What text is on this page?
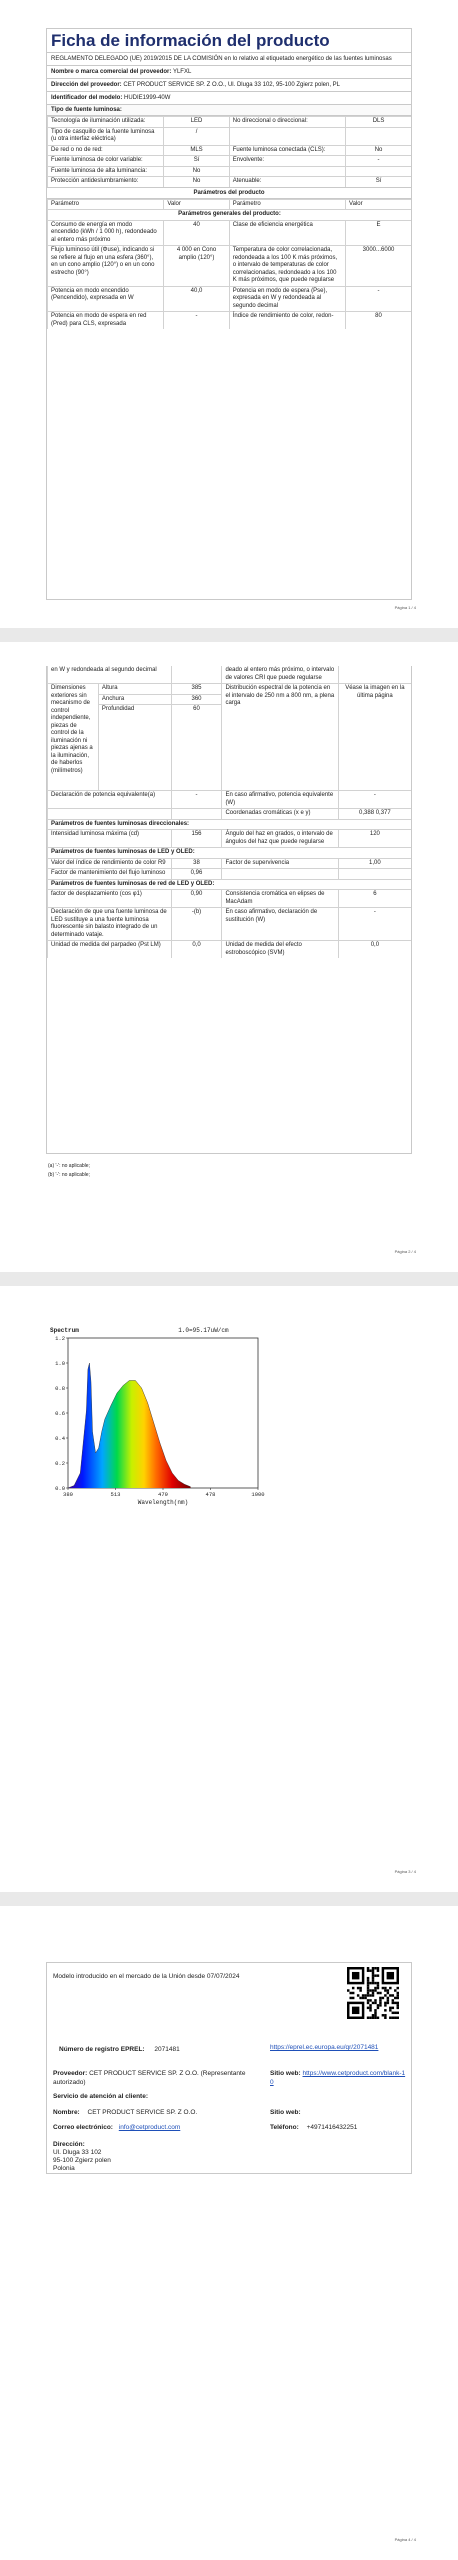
Ficha de información del producto
REGLAMENTO DELEGADO (UE) 2019/2015 DE LA COMISIÓN en lo relativo al etiquetado energético de las fuentes luminosas
Nombre o marca comercial del proveedor: YLFXL
Dirección del proveedor: CET PRODUCT SERVICE SP. Z O.O., Ul. Dluga 33 102, 95-100 Zgierz polen, PL
Identificador del modelo: HUDIE1999-40W
Tipo de fuente luminosa:
Tecnología de iluminación utilizada:	LED	No direccional o direccional:	DLS
Tipo de casquillo de la fuente luminosa (u otra interfaz eléctrica)	/		
De red o no de red:	MLS	Fuente luminosa conectada (CLS):	No
Fuente luminosa de color variable:	Sí	Envolvente:	-
Fuente luminosa de alta luminancia:	No		
Protección antideslumbramiento:	No	Atenuable:	Sí
Parámetros del producto
Parámetro	Valor	Parámetro	Valor
Parámetros generales del producto:			
Consumo de energía en modo encendido (kWh / 1 000 h), redondeado al entero más próximo	40	Clase de eficiencia energética	E
Flujo luminoso útil (Φuse), indicando si se refiere al flujo en una esfera (360°), en un cono amplio (120°) o en un cono estrecho (90°)	4 000 en Cono amplio (120°)	Temperatura de color correlacionada, redondeada a los 100 K más próximos, o intervalo de temperaturas de color correlacionadas, redondeado a los 100 K más próximos, que puede regularse	3000...6000
Potencia en modo encendido (Pencendido), expresada en W	40,0	Potencia en modo de espera (Pse), expresada en W y redondeada al segundo decimal	-
Potencia en modo de espera en red (Pred) para CLS, expresada	-	Índice de rendimiento de color, redon-	80
Página 1 / 4
en W y redondeada al segundo decimal			deado al entero más próximo, o intervalo de valores CRI que puede regularse	
Dimensiones exteriores sin mecanismo de control independiente, piezas de control de la iluminación ni piezas ajenas a la iluminación, de haberlos (milímetros)	Altura	385	Distribución espectral de la potencia en el intervalo de 250 nm a 800 nm, a plena carga	Véase la imagen en la última página
	Anchura	360		
	Profundidad	60		
Declaración de potencia equivalente(a)		-	En caso afirmativo, potencia equivalente (W)	-
			Coordenadas cromáticas (x e y)	0,388 0,377
Parámetros de fuentes luminosas direccionales:				
Intensidad luminosa máxima (cd)		156	Ángulo del haz en grados, o intervalo de ángulos del haz que puede regularse	120
Parámetros de fuentes luminosas de LED y OLED:				
Valor del índice de rendimiento de color R9		38	Factor de supervivencia	1,00
Factor de mantenimiento del flujo luminoso		0,96		
Parámetros de fuentes luminosas de red de LED y OLED:				
factor de desplazamiento (cos φ1)		0,90	Consistencia cromática en elipses de MacAdam	6
Declaración de que una fuente luminosa de LED sustituye a una fuente luminosa fluorescente sin balasto integrado de un determinado vataje.		-(b)	En caso afirmativo, declaración de sustitución (W)	-
Unidad de medida del parpadeo (Pst LM)		0,0	Unidad de medida del efecto estroboscópico (SVM)	0,0
(a) '-': no aplicable;
(b) '-': no aplicable;
Página 2 / 4
0.0
0.2
0.4
0.6
0.8
1.0
1.2
380	513	479	478	1000
Spectrum	1.0=95.17uW/cm
Wavelength(nm)
Página 3 / 4
Modelo introducido en el mercado de la Unión desde 07/07/2024
Número de registro EPREL: 2071481	https://eprel.ec.europa.eu/qr/2071481
Proveedor: CET PRODUCT SERVICE SP. Z O.O. (Representante autorizado)
Sitio web: https://www.cetproduct.com/blank-10
Servicio de atención al cliente:
Nombre: CET PRODUCT SERVICE SP. Z O.O.	Sitio web:
Correo electrónico: info@cetproduct.com	Teléfono: +4971416432251
Dirección:
Ul. Dluga 33 102
95-100 Zgierz polen
Polonia
Página 4 / 4
